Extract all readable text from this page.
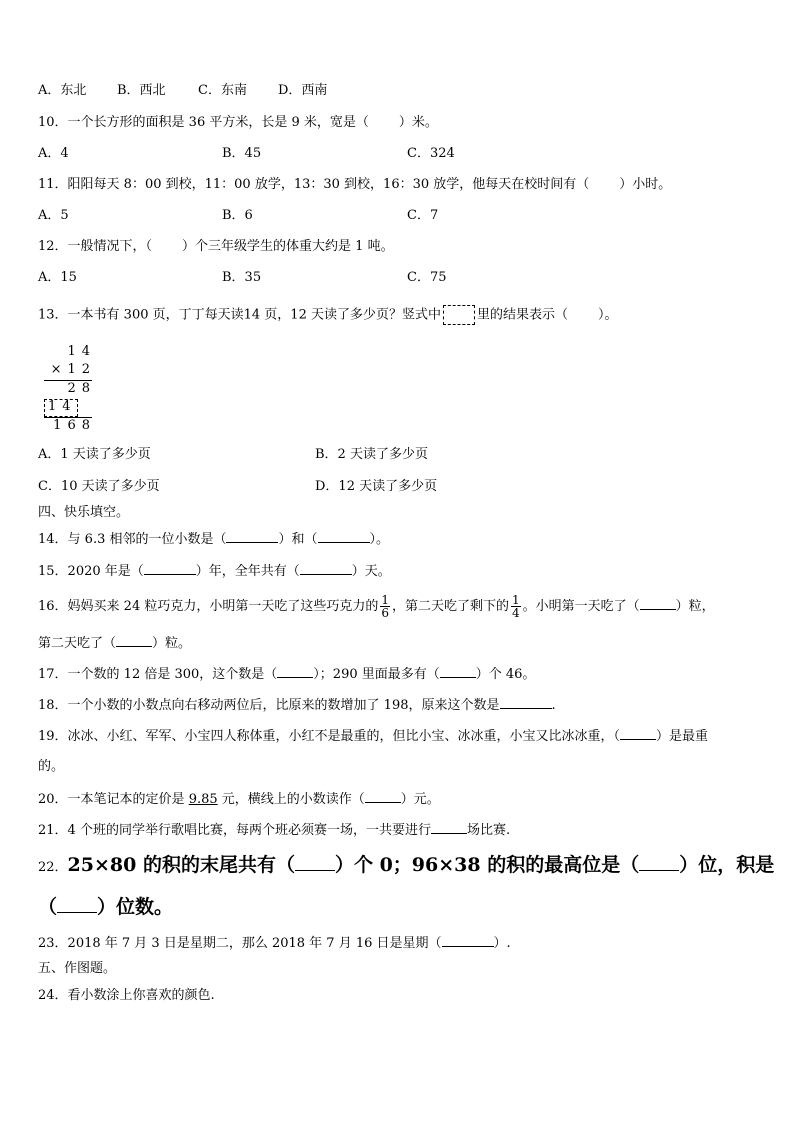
A．东北 B．西北 C．东南 D．西南
10．一个长方形的面积是 36 平方米，长是 9 米，宽是（ ）米。
A．4	B．45	C．324
11．阳阳每天 8：00 到校，11：00 放学，13：30 到校，16：30 放学，他每天在校时间有（ ）小时。
A．5	B．6	C．7
12．一般情况下，（ ）个三年级学生的体重大约是 1 吨。
A．15	B．35	C．75
13．一本书有 300 页，丁丁每天读14 页，12 天读了多少页？竖式中	里的结果表示（ ）。
14
×12
28
14
168
A．1 天读了多少页	B．2 天读了多少页
C．10 天读了多少页	D．12 天读了多少页
四、快乐填空。
14．与 6.3 相邻的一位小数是（	）和（	）。
15．2020 年是（	）年，全年共有（	）天。
16．妈妈买来 24 粒巧克力，小明第一天吃了这些巧克力的 $\frac{1}{6}$ ，第二天吃了剩下的 $\frac{1}{4}$ 。小明第一天吃了（	）粒，
第二天吃了（	）粒。
17．一个数的 12 倍是 300，这个数是（	）；290 里面最多有（	）个 46。
18．一个小数的小数点向右移动两位后，比原来的数增加了 198，原来这个数是	.
19．冰冰、小红、军军、小宝四人称体重，小红不是最重的，但比小宝、冰冰重，小宝又比冰冰重，（	）是最重
的。
20．一本笔记本的定价是 9.85 元，横线上的小数读作（	）元。
21．4 个班的同学举行歌唱比赛，每两个班必须赛一场，一共要进行	场比赛.
22．25×80 的积的末尾共有（ ）个 0；96×38 的积的最高位是（ ）位，积是
（ ）位数。
23．2018 年 7 月 3 日是星期二，那么 2018 年 7 月 16 日是星期（	）.
五、作图题。
24．看小数涂上你喜欢的颜色.
